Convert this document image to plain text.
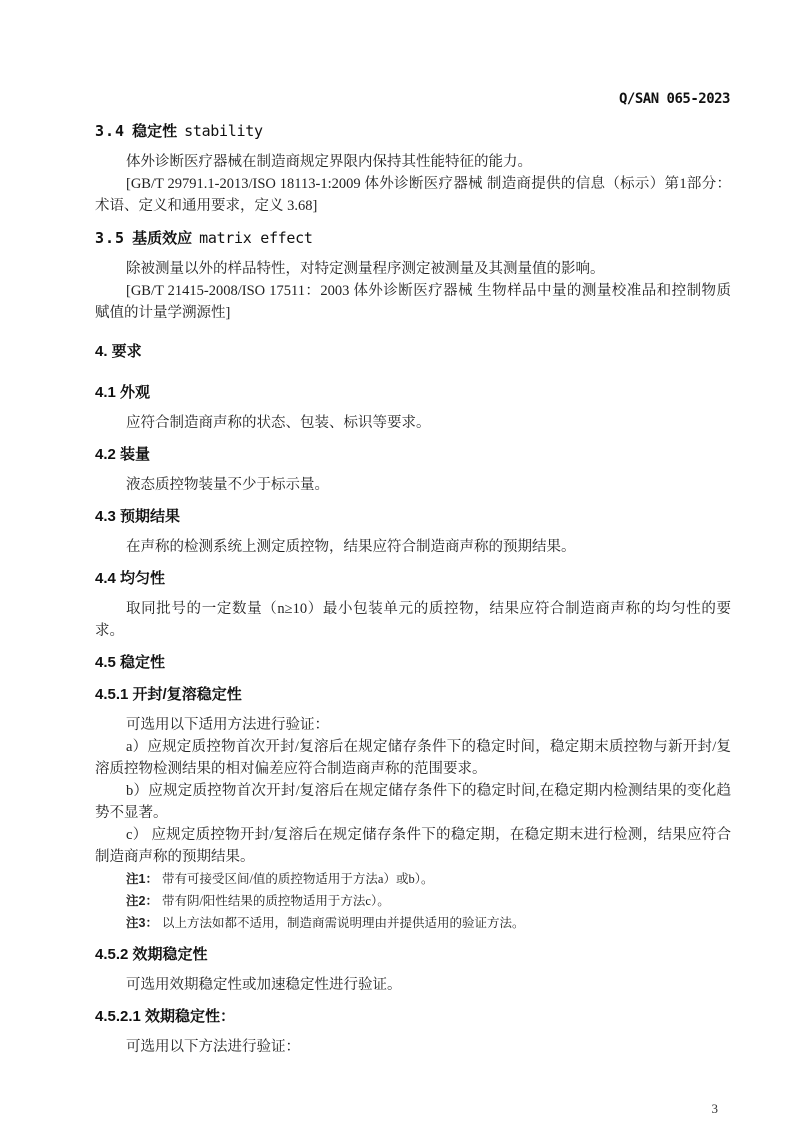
Q/SAN 065-2023
3.4 稳定性 stability

体外诊断医疗器械在制造商规定界限内保持其性能特征的能力。

[GB/T 29791.1-2013/ISO 18113-1:2009 体外诊断医疗器械 制造商提供的信息（标示）第1部分：术语、定义和通用要求，定义 3.68]

3.5 基质效应 matrix effect

除被测量以外的样品特性，对特定测量程序测定被测量及其测量值的影响。

[GB/T 21415-2008/ISO 17511：2003 体外诊断医疗器械 生物样品中量的测量校准品和控制物质赋值的计量学溯源性]

4. 要求
4.1 外观

应符合制造商声称的状态、包装、标识等要求。

4.2 装量

液态质控物装量不少于标示量。

4.3 预期结果

在声称的检测系统上测定质控物，结果应符合制造商声称的预期结果。

4.4 均匀性

取同批号的一定数量（n≥10）最小包装单元的质控物，结果应符合制造商声称的均匀性的要求。

4.5 稳定性
4.5.1 开封/复溶稳定性

可选用以下适用方法进行验证：

a）应规定质控物首次开封/复溶后在规定储存条件下的稳定时间，稳定期末质控物与新开封/复溶质控物检测结果的相对偏差应符合制造商声称的范围要求。

b）应规定质控物首次开封/复溶后在规定储存条件下的稳定时间,在稳定期内检测结果的变化趋势不显著。

c） 应规定质控物开封/复溶后在规定储存条件下的稳定期，在稳定期末进行检测，结果应符合制造商声称的预期结果。

注1： 带有可接受区间/值的质控物适用于方法a）或b）。

注2： 带有阴/阳性结果的质控物适用于方法c）。

注3： 以上方法如都不适用，制造商需说明理由并提供适用的验证方法。

4.5.2 效期稳定性

可选用效期稳定性或加速稳定性进行验证。

4.5.2.1 效期稳定性：

可选用以下方法进行验证：

3
